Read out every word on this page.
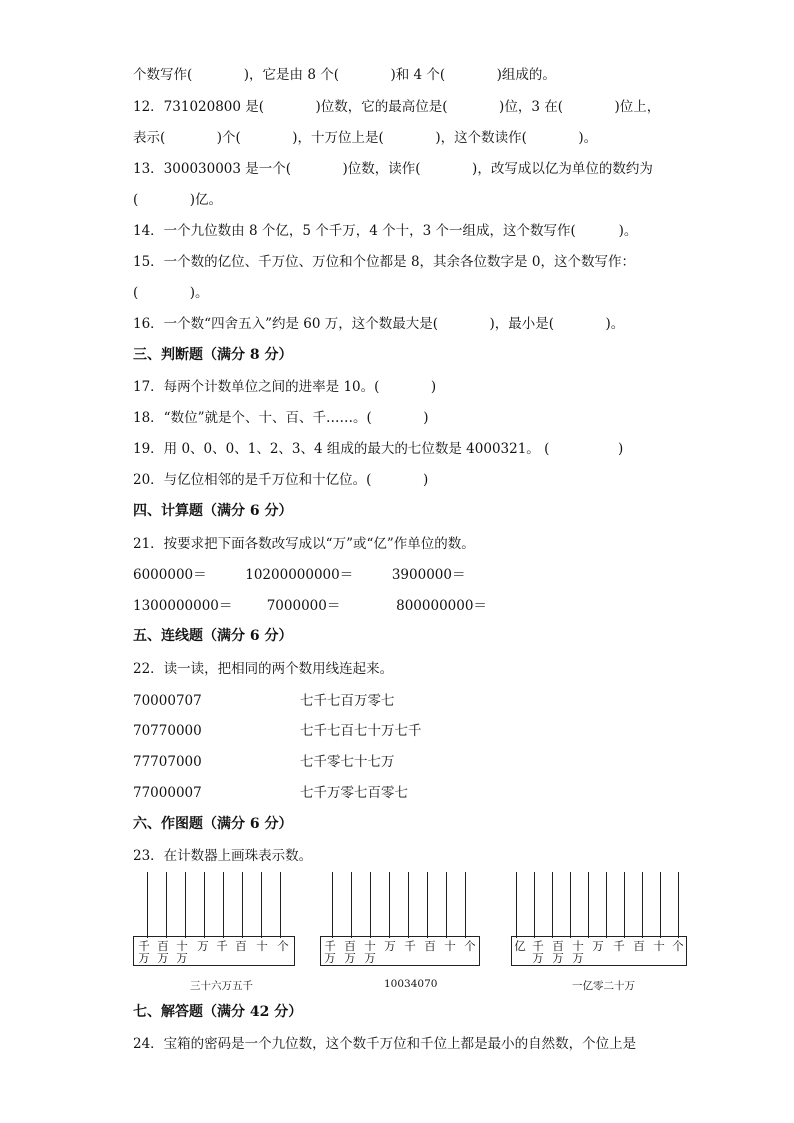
个数写作(            )，它是由 8 个(            )和 4 个(            )组成的。
12．731020800 是(            )位数，它的最高位是(            )位，3 在(            )位上，
表示(            )个(            )，十万位上是(            )，这个数读作(            )。
13．300030003 是一个(            )位数，读作(            )，改写成以亿为单位的数约为
(            )亿。
14．一个九位数由 8 个亿，5 个千万，4 个十，3 个一组成，这个数写作(          )。
15．一个数的亿位、千万位、万位和个位都是 8，其余各位数字是 0，这个数写作：
(            )。
16．一个数“四舍五入”约是 60 万，这个数最大是(            )，最小是(            )。
三、判断题（满分 8 分）
17．每两个计数单位之间的进率是 10。(            )
18．“数位”就是个、十、百、千……。(            )
19．用 0、0、0、1、2、3、4 组成的最大的七位数是 4000321。 (                )
20．与亿位相邻的是千万位和十亿位。(            )
四、计算题（满分 6 分）
21．按要求把下面各数改写成以“万”或“亿”作单位的数。
6000000＝         10200000000＝         3900000＝
1300000000＝        7000000＝             800000000＝
五、连线题（满分 6 分）
22．读一读，把相同的两个数用线连起来。
70000707	七千七百万零七
70770000	七千七百七十万七千
77707000	七千零七十七万
77000007	七千万零七百零七
六、作图题（满分 6 分）
23．在计数器上画珠表示数。
千
万
百
万
十
万
万 千 百 十 个
三十六万五千
千
万
百
万
十
万
万 千 百 十 个
10034070
亿 千
万
百
万
十
万
万 千 百 十 个
一亿零二十万
七、解答题（满分 42 分）
24．宝箱的密码是一个九位数，这个数千万位和千位上都是最小的自然数，个位上是
